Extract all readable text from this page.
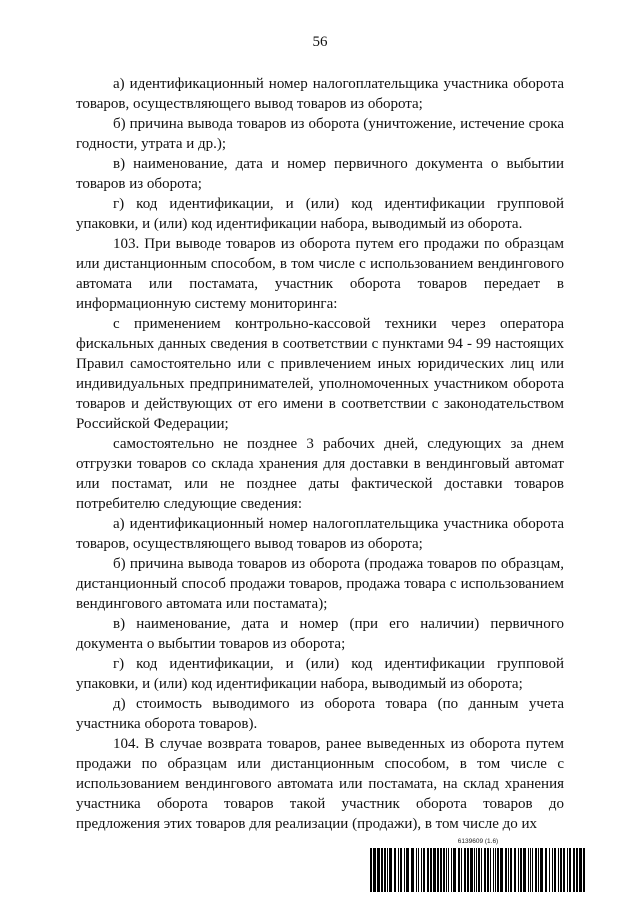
56

а) идентификационный номер налогоплательщика участника оборота товаров, осуществляющего вывод товаров из оборота;

б) причина вывода товаров из оборота (уничтожение, истечение срока годности, утрата и др.);

в) наименование, дата и номер первичного документа о выбытии товаров из оборота;

г) код идентификации, и (или) код идентификации групповой упаковки, и (или) код идентификации набора, выводимый из оборота.

103. При выводе товаров из оборота путем его продажи по образцам или дистанционным способом, в том числе с использованием вендингового автомата или постамата, участник оборота товаров передает в информационную систему мониторинга:

с применением контрольно-кассовой техники через оператора фискальных данных сведения в соответствии с пунктами 94 - 99 настоящих Правил самостоятельно или с привлечением иных юридических лиц или индивидуальных предпринимателей, уполномоченных участником оборота товаров и действующих от его имени в соответствии с законодательством Российской Федерации;

самостоятельно не позднее 3 рабочих дней, следующих за днем отгрузки товаров со склада хранения для доставки в вендинговый автомат или постамат, или не позднее даты фактической доставки товаров потребителю следующие сведения:

а) идентификационный номер налогоплательщика участника оборота товаров, осуществляющего вывод товаров из оборота;

б) причина вывода товаров из оборота (продажа товаров по образцам, дистанционный способ продажи товаров, продажа товара с использованием вендингового автомата или постамата);

в) наименование, дата и номер (при его наличии) первичного документа о выбытии товаров из оборота;

г) код идентификации, и (или) код идентификации групповой упаковки, и (или) код идентификации набора, выводимый из оборота;

д) стоимость выводимого из оборота товара (по данным учета участника оборота товаров).

104. В случае возврата товаров, ранее выведенных из оборота путем продажи по образцам или дистанционным способом, в том числе с использованием вендингового автомата или постамата, на склад хранения участника оборота товаров такой участник оборота товаров до предложения этих товаров для реализации (продажи), в том числе до их

6139609 (1.6)
